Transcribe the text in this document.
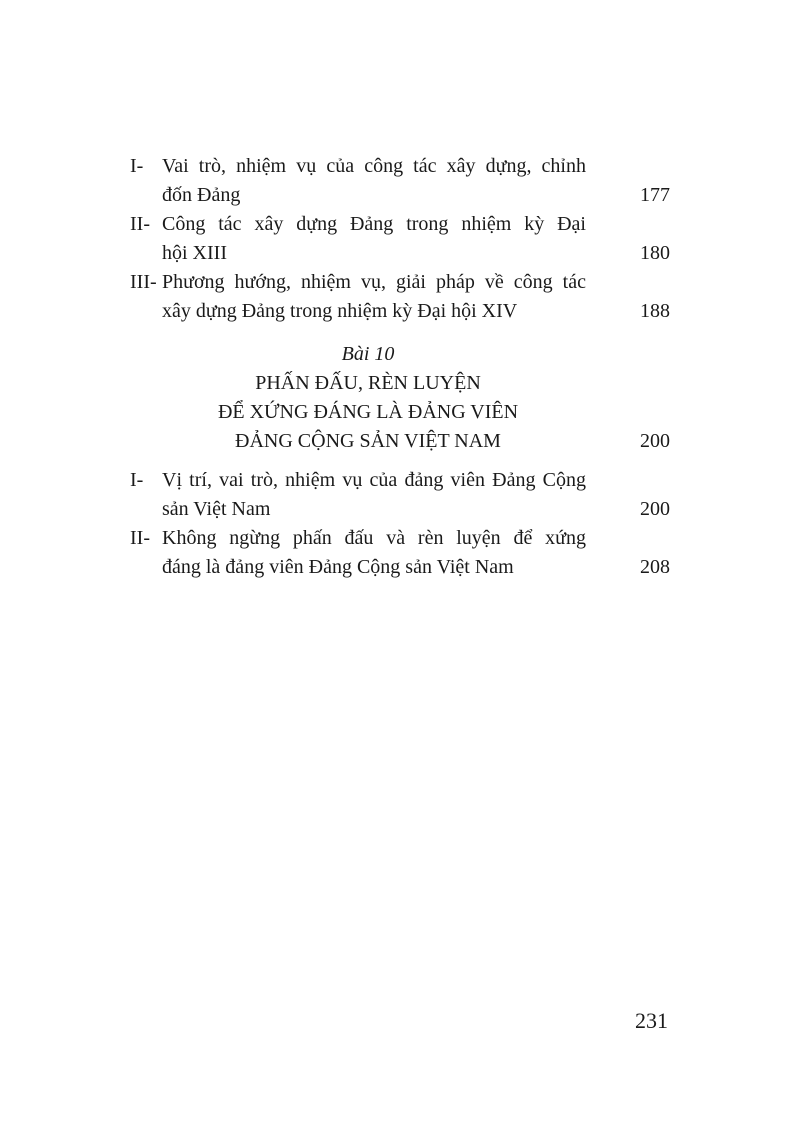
I- Vai trò, nhiệm vụ của công tác xây dựng, chỉnh
đốn Đảng	177
II- Công tác xây dựng Đảng trong nhiệm kỳ Đại
hội XIII	180
III- Phương hướng, nhiệm vụ, giải pháp về công tác
xây dựng Đảng trong nhiệm kỳ Đại hội XIV	188
Bài 10
PHẤN ĐẤU, RÈN LUYỆN
ĐỂ XỨNG ĐÁNG LÀ ĐẢNG VIÊN
ĐẢNG CỘNG SẢN VIỆT NAM	200
I- Vị trí, vai trò, nhiệm vụ của đảng viên Đảng Cộng
sản Việt Nam	200
II- Không ngừng phấn đấu và rèn luyện để xứng
đáng là đảng viên Đảng Cộng sản Việt Nam	208
231
